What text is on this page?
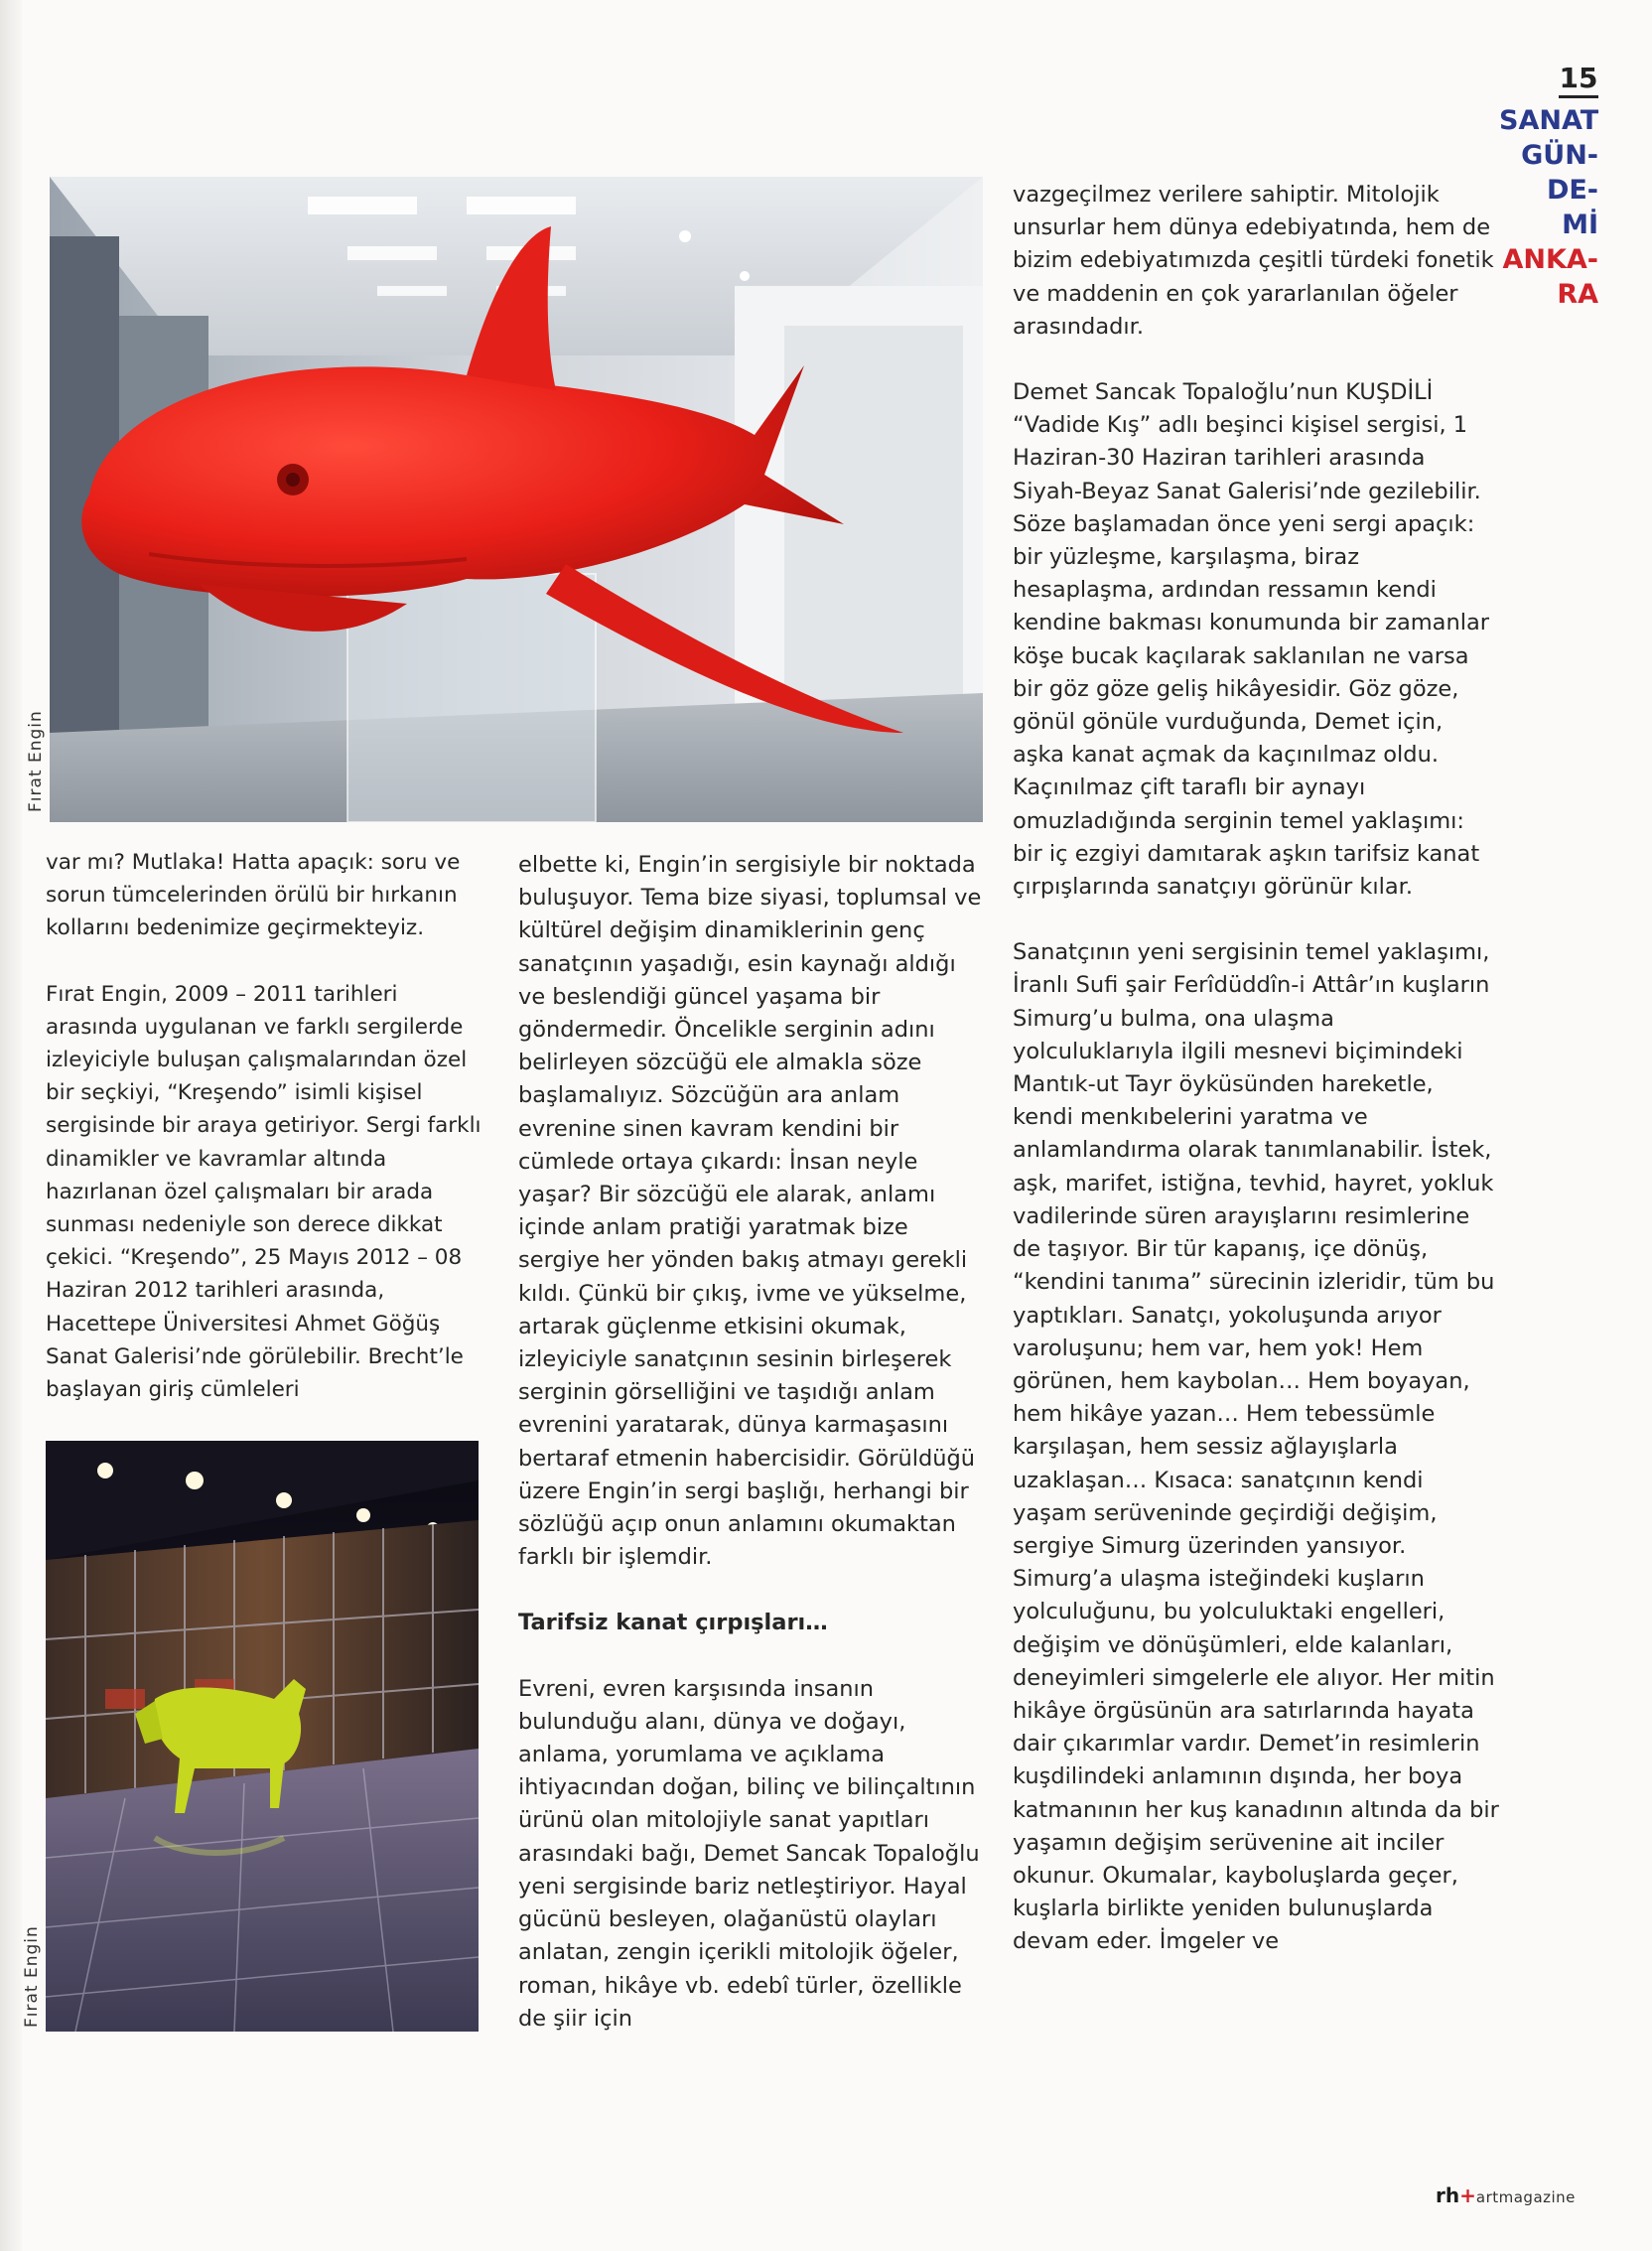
15
SANAT
GÜN-
DE-
Mİ
ANKA-
RA
Fırat Engin
Fırat Engin

var mı? Mutlaka! Hatta apaçık: soru ve sorun tümcelerinden örülü bir hırkanın kollarını bedenimize geçirmekteyiz.

Fırat Engin, 2009 – 2011 tarihleri arasında uygulanan ve farklı sergilerde izleyiciyle buluşan çalışmalarından özel bir seçkiyi, “Kreşendo” isimli kişisel sergisinde bir araya getiriyor. Sergi farklı dinamikler ve kavramlar altında hazırlanan özel çalışmaları bir arada sunması nedeniyle son derece dikkat çekici. “Kreşendo”, 25 Mayıs 2012 – 08 Haziran 2012 tarihleri arasında, Hacettepe Üniversitesi Ahmet Göğüş Sanat Galerisi’nde görülebilir. Brecht’le başlayan giriş cümleleri

elbette ki, Engin’in sergisiyle bir noktada buluşuyor. Tema bize siyasi, toplumsal ve kültürel değişim dinamiklerinin genç sanatçının yaşadığı, esin kaynağı aldığı ve beslendiği güncel yaşama bir göndermedir. Öncelikle serginin adını belirleyen sözcüğü ele almakla söze başlamalıyız. Sözcüğün ara anlam evrenine sinen kavram kendini bir cümlede ortaya çıkardı: İnsan neyle yaşar? Bir sözcüğü ele alarak, anlamı içinde anlam pratiği yaratmak bize sergiye her yönden bakış atmayı gerekli kıldı. Çünkü bir çıkış, ivme ve yükselme, artarak güçlenme etkisini okumak, izleyiciyle sanatçının sesinin birleşerek serginin görselliğini ve taşıdığı anlam evrenini yaratarak, dünya karmaşasını bertaraf etmenin habercisidir. Görüldüğü üzere Engin’in sergi başlığı, herhangi bir sözlüğü açıp onun anlamını okumaktan farklı bir işlemdir.

Tarifsiz kanat çırpışları…

Evreni, evren karşısında insanın bulunduğu alanı, dünya ve doğayı, anlama, yorumlama ve açıklama ihtiyacından doğan, bilinç ve bilinçaltının ürünü olan mitolojiyle sanat yapıtları arasındaki bağı, Demet Sancak Topaloğlu yeni sergisinde bariz netleştiriyor. Hayal gücünü besleyen, olağanüstü olayları anlatan, zengin içerikli mitolojik öğeler, roman, hikâye vb. edebî türler, özellikle de şiir için

vazgeçilmez verilere sahiptir. Mitolojik unsurlar hem dünya edebiyatında, hem de bizim edebiyatımızda çeşitli türdeki fonetik ve maddenin en çok yararlanılan öğeler arasındadır.

Demet Sancak Topaloğlu’nun KUŞDİLİ “Vadide Kış” adlı beşinci kişisel sergisi, 1 Haziran-30 Haziran tarihleri arasında Siyah-Beyaz Sanat Galerisi’nde gezilebilir. Söze başlamadan önce yeni sergi apaçık: bir yüzleşme, karşılaşma, biraz hesaplaşma, ardından ressamın kendi kendine bakması konumunda bir zamanlar köşe bucak kaçılarak saklanılan ne varsa bir göz göze geliş hikâyesidir. Göz göze, gönül gönüle vurduğunda, Demet için, aşka kanat açmak da kaçınılmaz oldu. Kaçınılmaz çift taraflı bir aynayı omuzladığında serginin temel yaklaşımı: bir iç ezgiyi damıtarak aşkın tarifsiz kanat çırpışlarında sanatçıyı görünür kılar.

Sanatçının yeni sergisinin temel yaklaşımı, İranlı Sufi şair Ferîdüddîn-i Attâr’ın kuşların Simurg’u bulma, ona ulaşma yolculuklarıyla ilgili mesnevi biçimindeki Mantık-ut Tayr öyküsünden hareketle, kendi menkıbelerini yaratma ve anlamlandırma olarak tanımlanabilir. İstek, aşk, marifet, istiğna, tevhid, hayret, yokluk vadilerinde süren arayışlarını resimlerine de taşıyor. Bir tür kapanış, içe dönüş, “kendini tanıma” sürecinin izleridir, tüm bu yaptıkları. Sanatçı, yokoluşunda arıyor varoluşunu; hem var, hem yok! Hem görünen, hem kaybolan… Hem boyayan, hem hikâye yazan… Hem tebessümle karşılaşan, hem sessiz ağlayışlarla uzaklaşan… Kısaca: sanatçının kendi yaşam serüveninde geçirdiği değişim, sergiye Simurg üzerinden yansıyor. Simurg’a ulaşma isteğindeki kuşların yolculuğunu, bu yolculuktaki engelleri, değişim ve dönüşümleri, elde kalanları, deneyimleri simgelerle ele alıyor. Her mitin hikâye örgüsünün ara satırlarında hayata dair çıkarımlar vardır. Demet’in resimlerin kuşdilindeki anlamının dışında, her boya katmanının her kuş kanadının altında da bir yaşamın değişim serüvenine ait inciler okunur. Okumalar, kayboluşlarda geçer, kuşlarla birlikte yeniden bulunuşlarda devam eder. İmgeler ve

rh+artmagazine
